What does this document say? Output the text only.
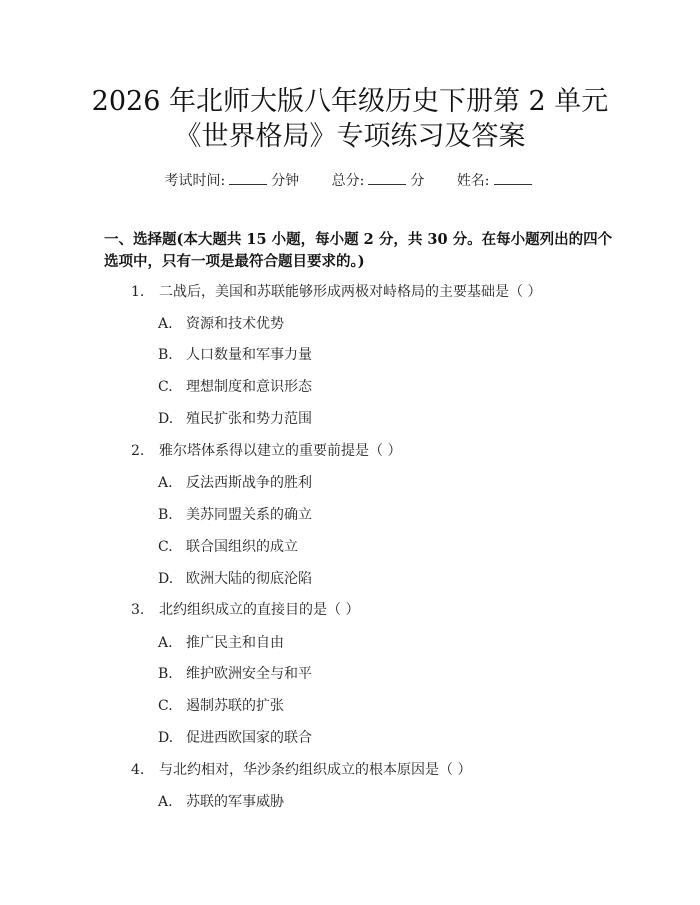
2026 年北师大版八年级历史下册第 2 单元
《世界格局》专项练习及答案
考试时间:	分钟 总分:	分 姓名:
一、选择题(本大题共 15 小题，每小题 2 分，共 30 分。在每小题列出的四个选项中，只有一项是最符合题目要求的。)
1. 二战后，美国和苏联能够形成两极对峙格局的主要基础是（ ）
A. 资源和技术优势
B. 人口数量和军事力量
C. 理想制度和意识形态
D. 殖民扩张和势力范围
2. 雅尔塔体系得以建立的重要前提是（ ）
A. 反法西斯战争的胜利
B. 美苏同盟关系的确立
C. 联合国组织的成立
D. 欧洲大陆的彻底沦陷
3. 北约组织成立的直接目的是（ ）
A. 推广民主和自由
B. 维护欧洲安全与和平
C. 遏制苏联的扩张
D. 促进西欧国家的联合
4. 与北约相对，华沙条约组织成立的根本原因是（ ）
A. 苏联的军事威胁
